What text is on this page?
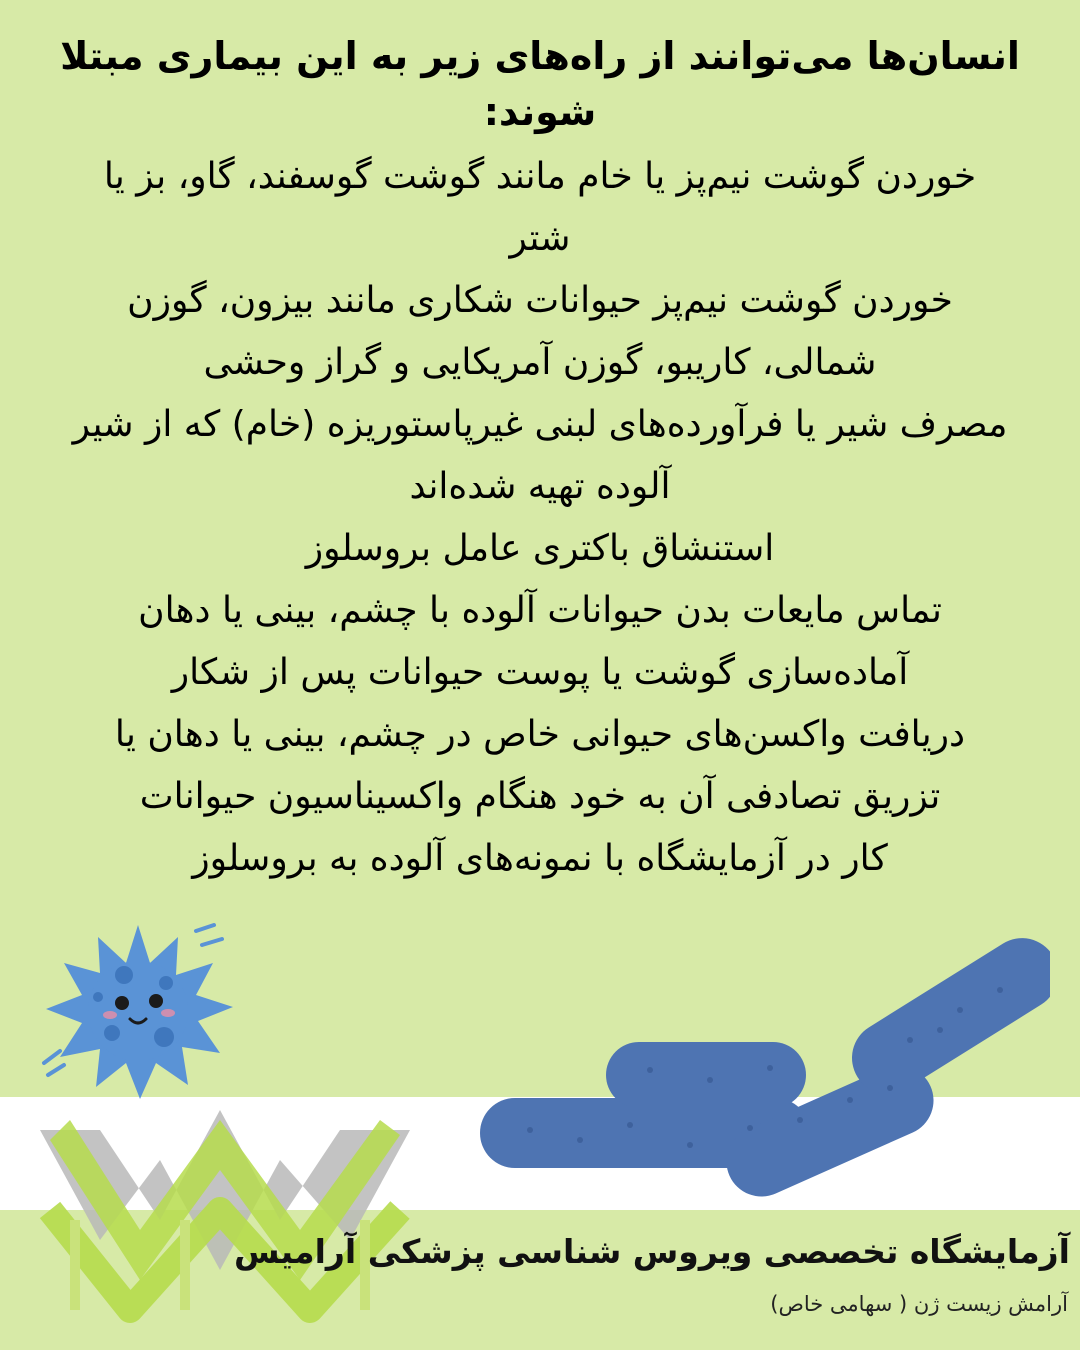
انسان‌ها می‌توانند از راه‌های زیر به این بیماری مبتلا شوند:

خوردن گوشت نیم‌پز یا خام مانند گوشت گوسفند، گاو، بز یا
شتر
خوردن گوشت نیم‌پز حیوانات شکاری مانند بیزون، گوزن
شمالی، کاریبو، گوزن آمریکایی و گراز وحشی
مصرف شیر یا فرآورده‌های لبنی غیرپاستوریزه (خام) که از شیر
آلوده تهیه شده‌اند
استنشاق باکتری عامل بروسلوز
تماس مایعات بدن حیوانات آلوده با چشم، بینی یا دهان
آماده‌سازی گوشت یا پوست حیوانات پس از شکار
دریافت واکسن‌های حیوانی خاص در چشم، بینی یا دهان یا
تزریق تصادفی آن به خود هنگام واکسیناسیون حیوانات
کار در آزمایشگاه با نمونه‌های آلوده به بروسلوز
آزمایشگاه تخصصی ویروس شناسی پزشکی آرامیس
آرامش زیست ژن ( سهامی خاص)
